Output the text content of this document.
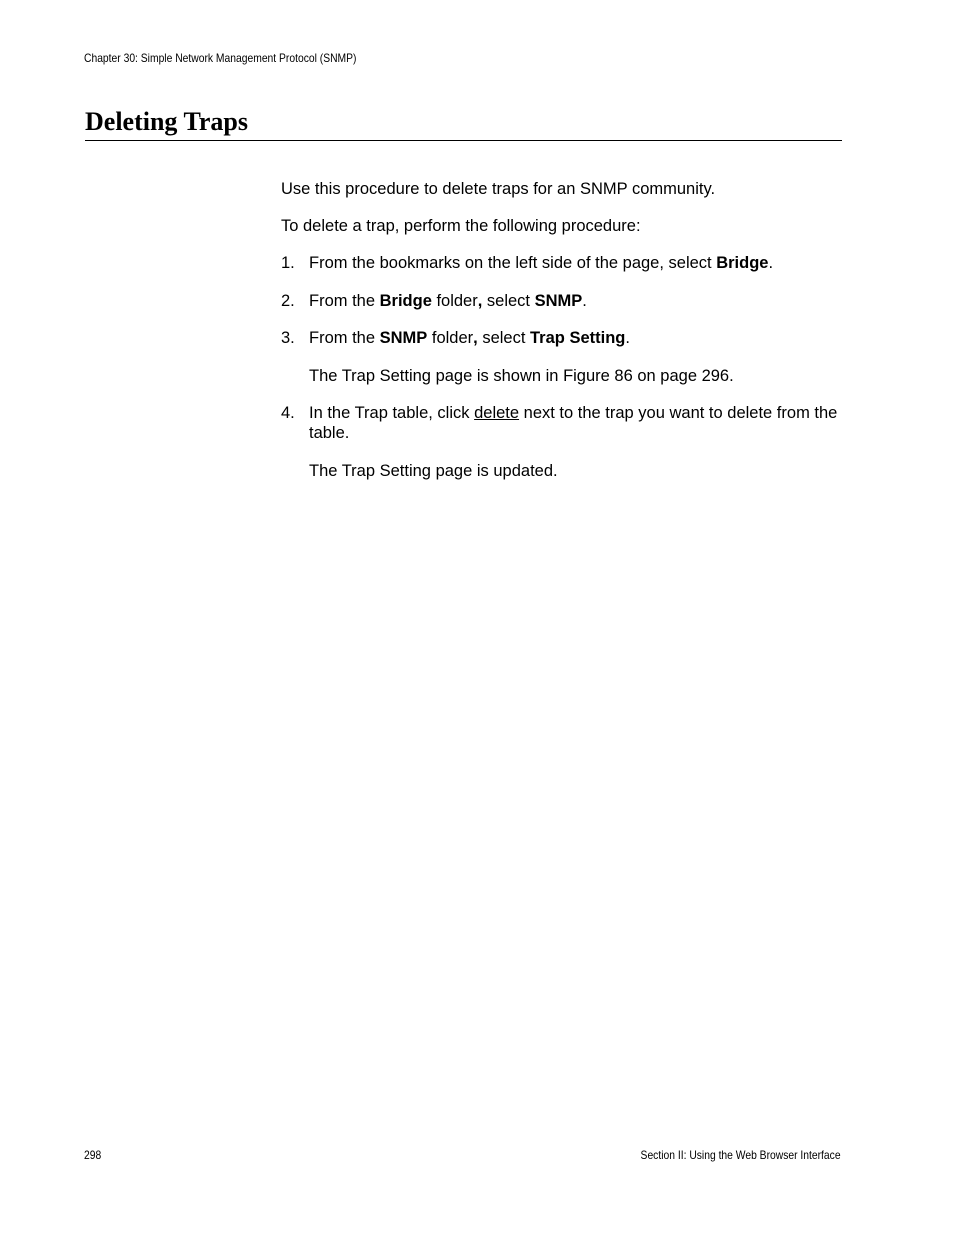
Chapter 30: Simple Network Management Protocol (SNMP)
Deleting Traps

Use this procedure to delete traps for an SNMP community.

To delete a trap, perform the following procedure:

1. From the bookmarks on the left side of the page, select Bridge.
2. From the Bridge folder, select SNMP.
3. From the SNMP folder, select Trap Setting.

The Trap Setting page is shown in Figure 86 on page 296.

4. In the Trap table, click delete next to the trap you want to delete from the table.

The Trap Setting page is updated.

298	Section II: Using the Web Browser Interface
